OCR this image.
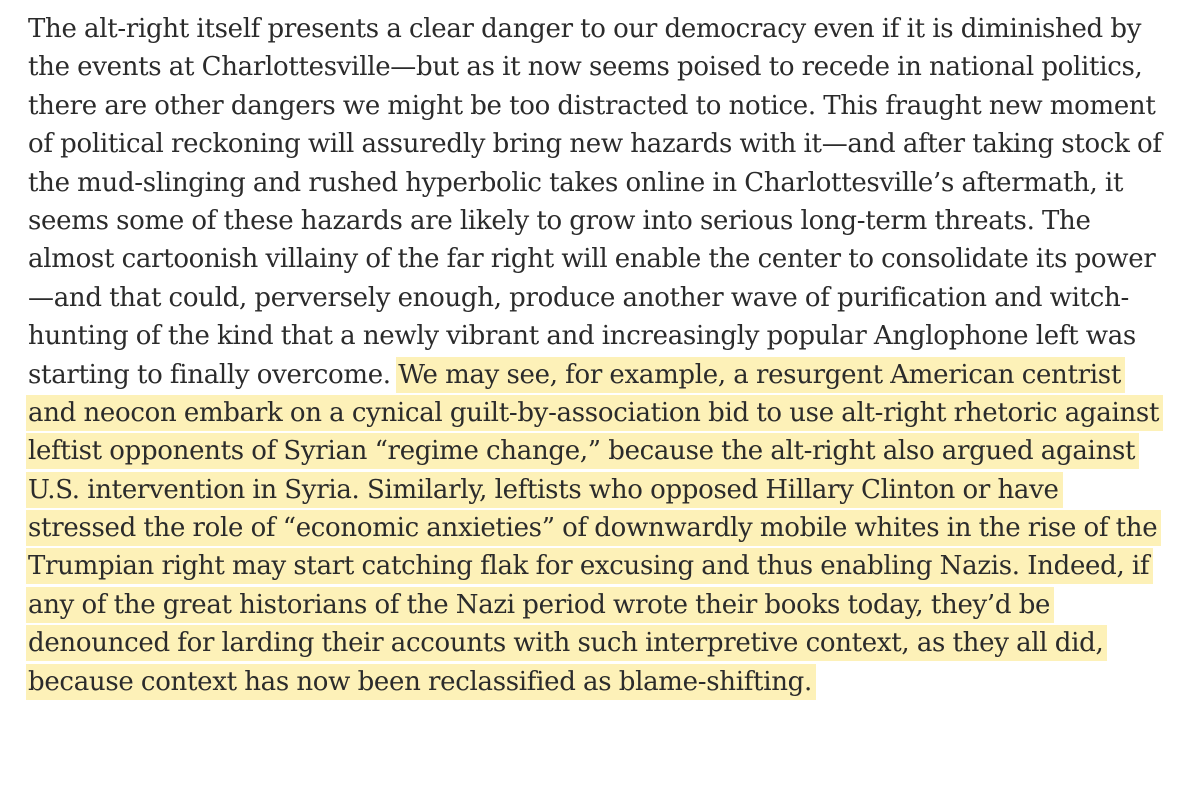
The alt-right itself presents a clear danger to our democracy even if it is diminished by
the events at Charlottesville—but as it now seems poised to recede in national politics,
there are other dangers we might be too distracted to notice. This fraught new moment
of political reckoning will assuredly bring new hazards with it—and after taking stock of
the mud-slinging and rushed hyperbolic takes online in Charlottesville’s aftermath, it
seems some of these hazards are likely to grow into serious long-term threats. The
almost cartoonish villainy of the far right will enable the center to consolidate its power
—and that could, perversely enough, produce another wave of purification and witch-
hunting of the kind that a newly vibrant and increasingly popular Anglophone left was
starting to finally overcome. We may see, for example, a resurgent American centrist
and neocon embark on a cynical guilt-by-association bid to use alt-right rhetoric against
leftist opponents of Syrian “regime change,” because the alt-right also argued against
U.S. intervention in Syria. Similarly, leftists who opposed Hillary Clinton or have
stressed the role of “economic anxieties” of downwardly mobile whites in the rise of the
Trumpian right may start catching flak for excusing and thus enabling Nazis. Indeed, if
any of the great historians of the Nazi period wrote their books today, they’d be
denounced for larding their accounts with such interpretive context, as they all did,
because context has now been reclassified as blame-shifting.
